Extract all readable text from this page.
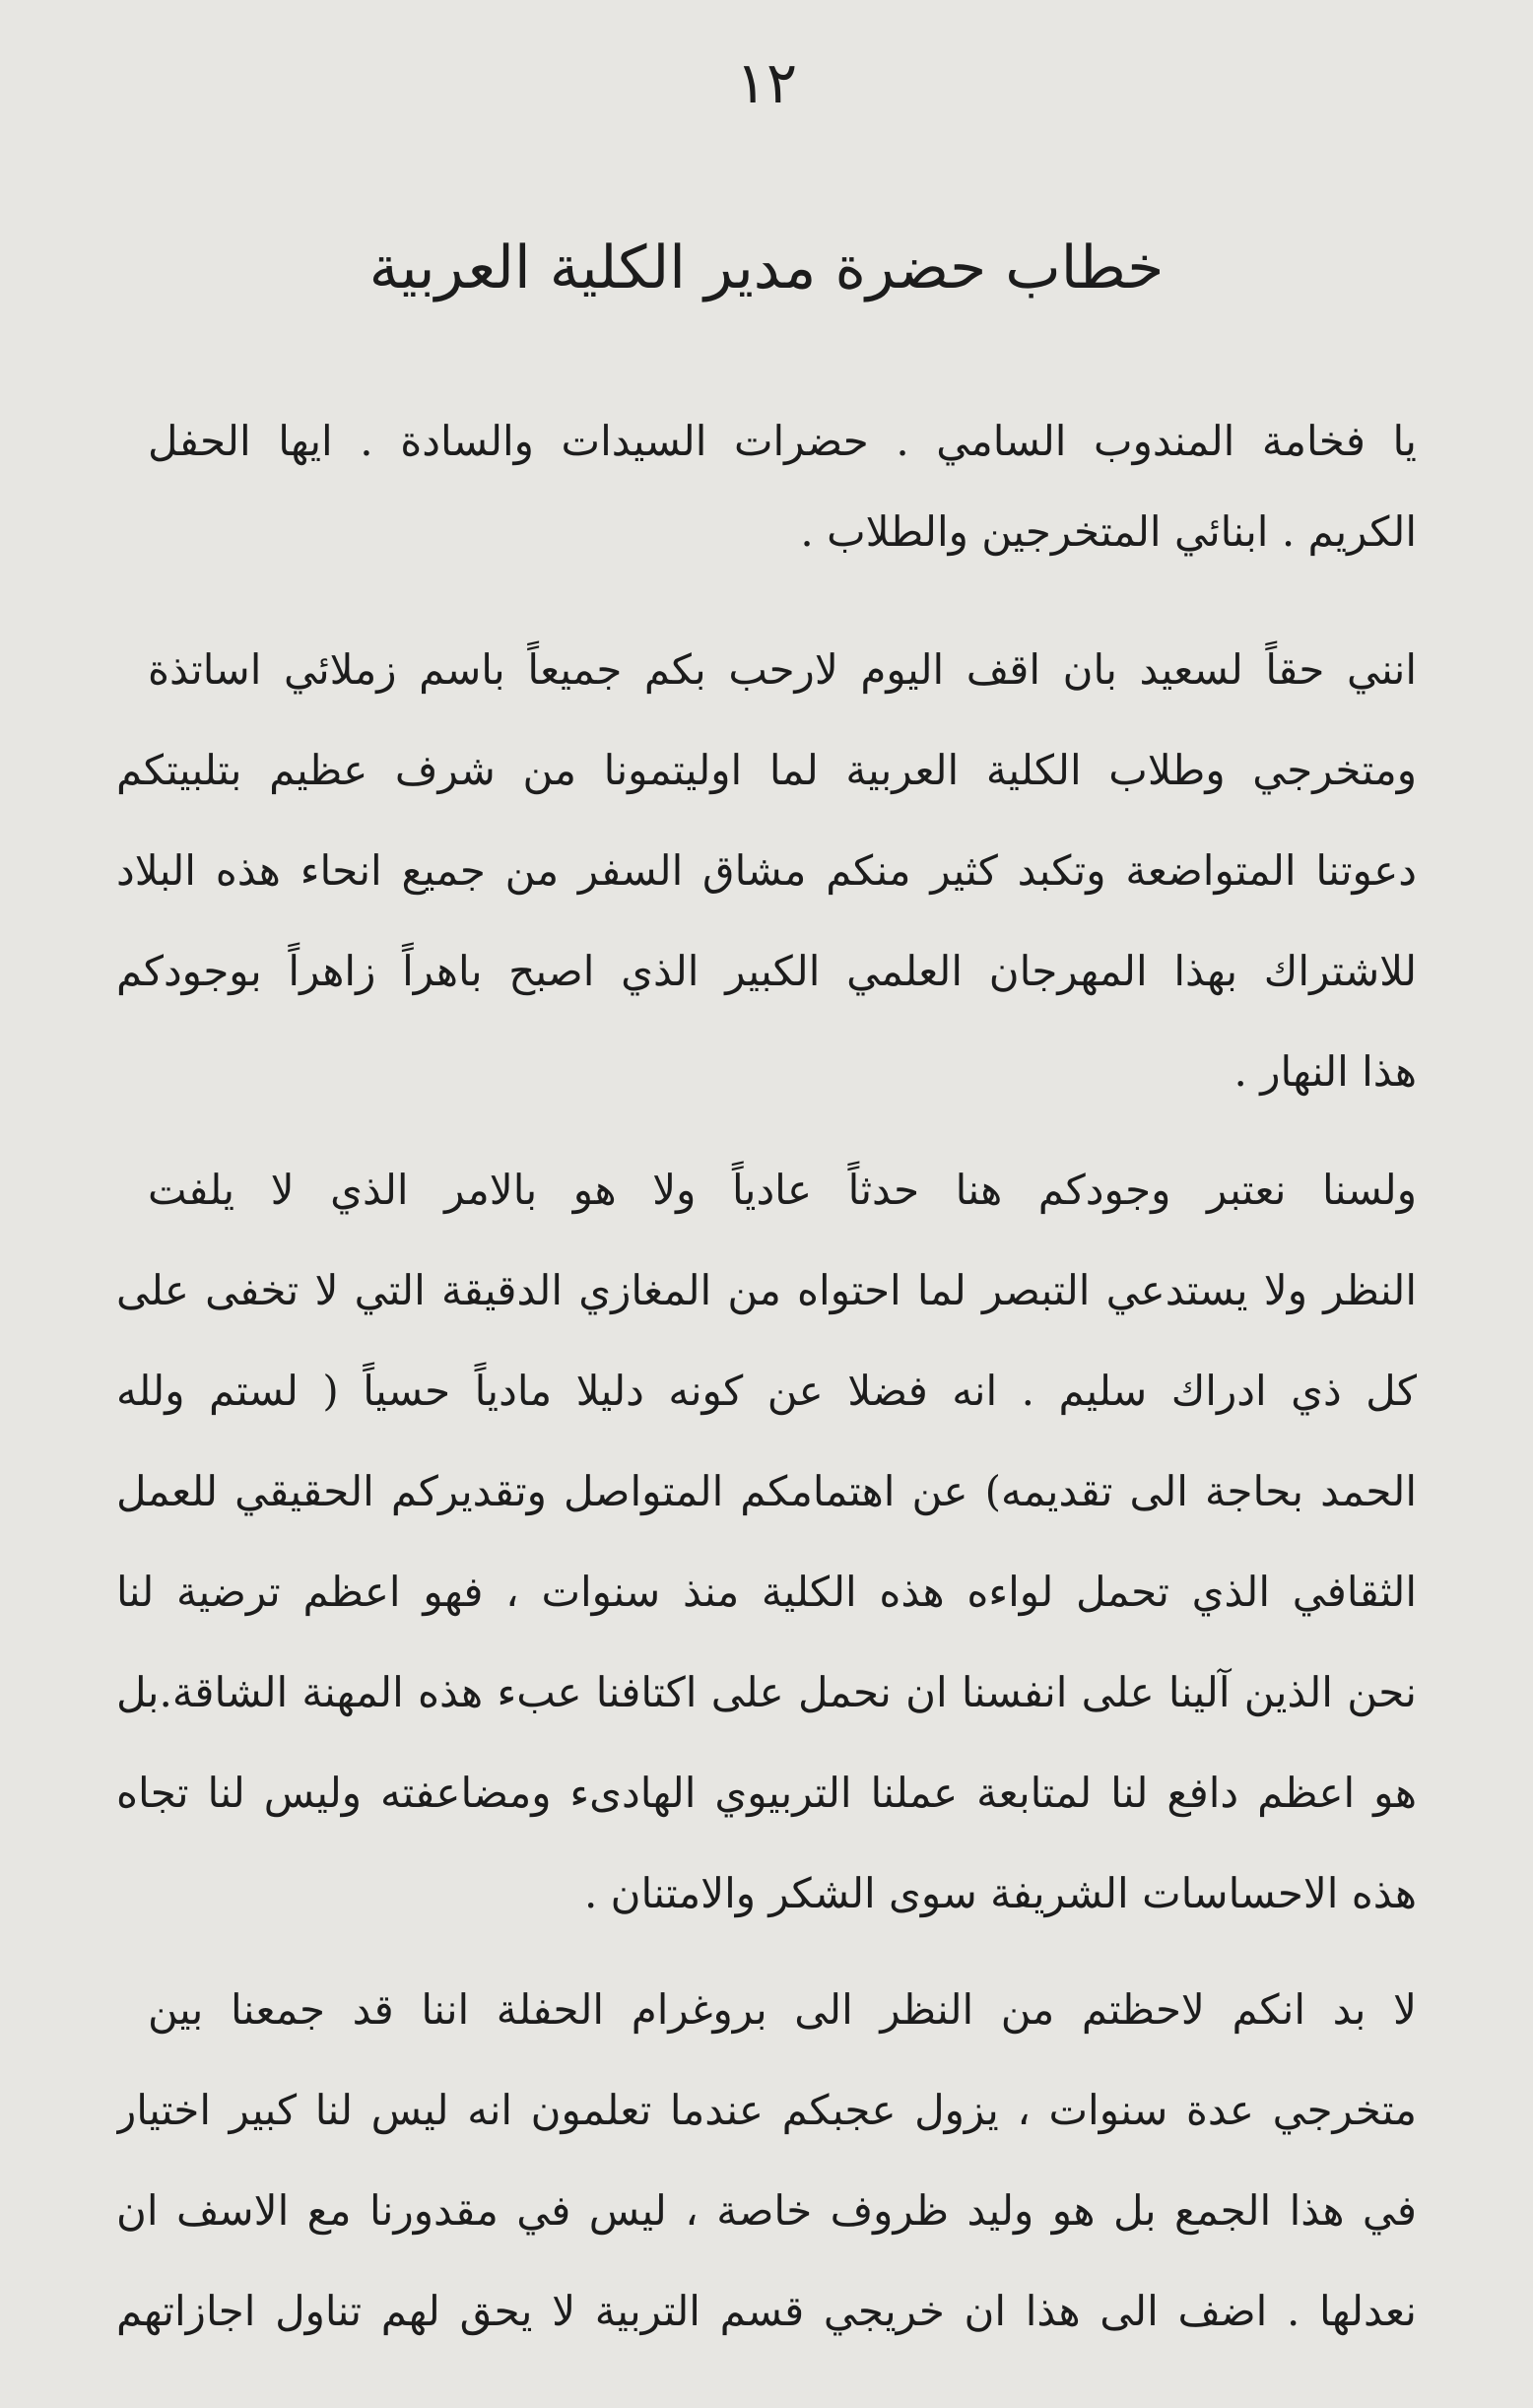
١٢
خطاب حضرة مدير الكلية العربية
يا فخامة المندوب السامي . حضرات السيدات والسادة . ايها الحفل
الكريم . ابنائي المتخرجين والطلاب .
انني حقاً لسعيد بان اقف اليوم لارحب بكم جميعاً باسم زملائي اساتذة
ومتخرجي وطلاب الكلية العربية لما اوليتمونا من شرف عظيم بتلبيتكم
دعوتنا المتواضعة وتكبد كثير منكم مشاق السفر من جميع انحاء هذه البلاد
للاشتراك بهذا المهرجان العلمي الكبير الذي اصبح باهراً زاهراً بوجودكم
هذا النهار .
ولسنا نعتبر وجودكم هنا حدثاً عادياً ولا هو بالامر الذي لا يلفت
النظر ولا يستدعي التبصر لما احتواه من المغازي الدقيقة التي لا تخفى على
كل ذي ادراك سليم . انه فضلا عن كونه دليلا مادياً حسياً ( لستم ولله
الحمد بحاجة الى تقديمه) عن اهتمامكم المتواصل وتقديركم الحقيقي للعمل
الثقافي الذي تحمل لواءه هذه الكلية منذ سنوات ، فهو اعظم ترضية لنا
نحن الذين آلينا على انفسنا ان نحمل على اكتافنا عبء هذه المهنة الشاقة.بل
هو اعظم دافع لنا لمتابعة عملنا التربيوي الهادىء ومضاعفته وليس لنا تجاه
هذه الاحساسات الشريفة سوى الشكر والامتنان .
لا بد انكم لاحظتم من النظر الى بروغرام الحفلة اننا قد جمعنا بين
متخرجي عدة سنوات ، يزول عجبكم عندما تعلمون انه ليس لنا كبير اختيار
في هذا الجمع بل هو وليد ظروف خاصة ، ليس في مقدورنا مع الاسف ان
نعدلها . اضف الى هذا ان خريجي قسم التربية لا يحق لهم تناول اجازاتهم
